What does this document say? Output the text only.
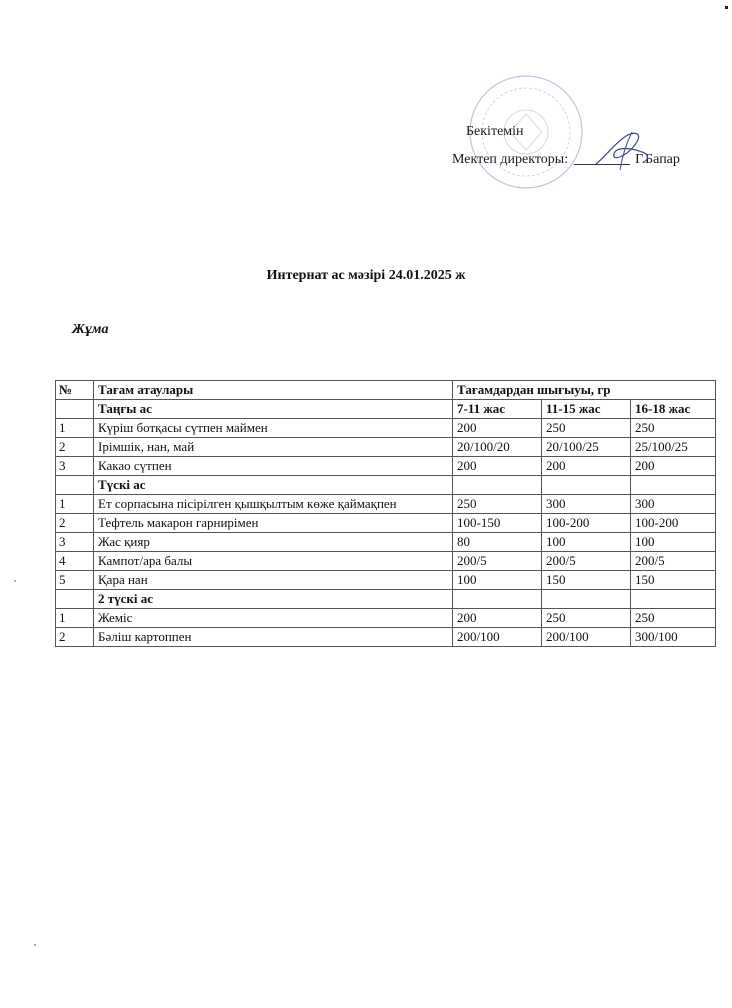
Бекітемін
Мектеп директоры:	Г.Бапар
Интернат ас мәзірі 24.01.2025 ж
Жұма
№	Тағам атаулары	Тағамдардан шығыуы, гр		
	Таңғы ас	7-11 жас	11-15 жас	16-18 жас
1	Күріш ботқасы сүтпен маймен	200	250	250
2	Ірімшік, нан, май	20/100/20	20/100/25	25/100/25
3	Какао сүтпен	200	200	200
	Түскі ас			
1	Ет сорпасына пісірілген қышқылтым көже қаймақпен	250	300	300
2	Тефтель макарон гарнирімен	100-150	100-200	100-200
3	Жас қияр	80	100	100
4	Кампот/ара балы	200/5	200/5	200/5
5	Қара нан	100	150	150
	2 түскі ас			
1	Жеміс	200	250	250
2	Бәліш картоппен	200/100	200/100	300/100
